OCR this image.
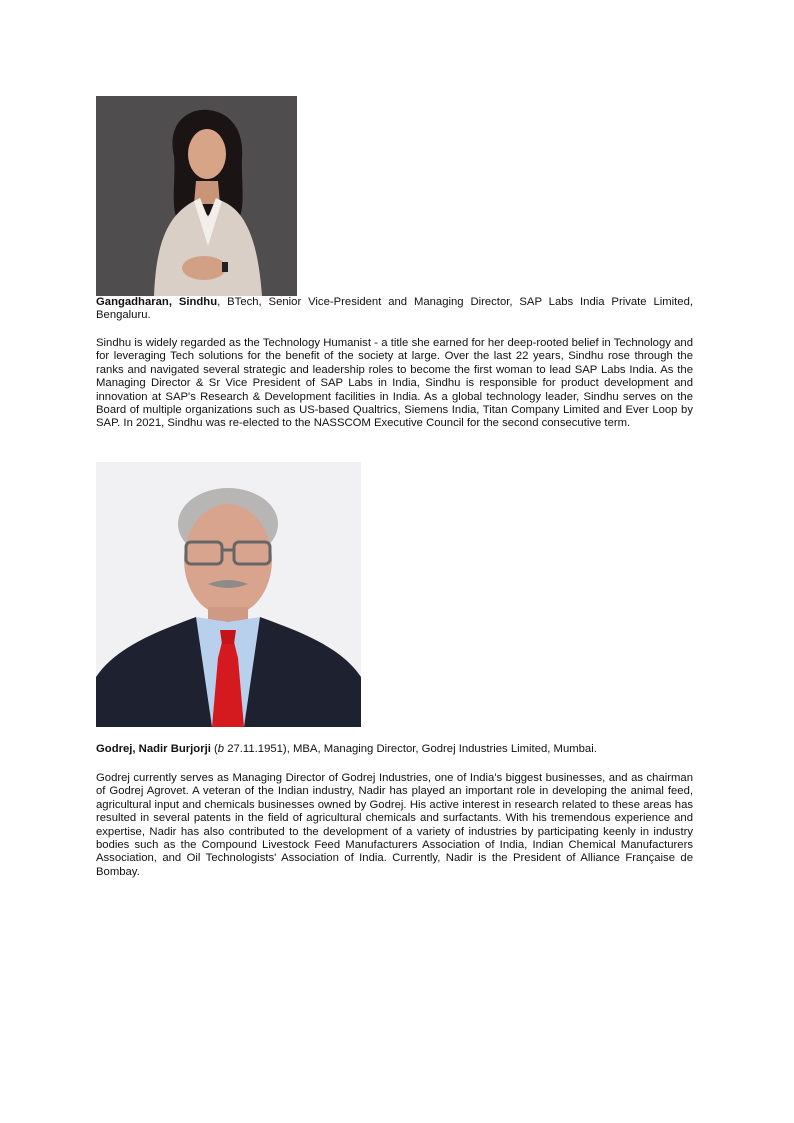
Gangadharan, Sindhu, BTech, Senior Vice-President and Managing Director, SAP Labs India Private Limited, Bengaluru.
Sindhu is widely regarded as the Technology Humanist - a title she earned for her deep-rooted belief in Technology and for leveraging Tech solutions for the benefit of the society at large. Over the last 22 years, Sindhu rose through the ranks and navigated several strategic and leadership roles to become the first woman to lead SAP Labs India. As the Managing Director & Sr Vice President of SAP Labs in India, Sindhu is responsible for product development and innovation at SAP's Research & Development facilities in India. As a global technology leader, Sindhu serves on the Board of multiple organizations such as US-based Qualtrics, Siemens India, Titan Company Limited and Ever Loop by SAP. In 2021, Sindhu was re-elected to the NASSCOM Executive Council for the second consecutive term.
Godrej, Nadir Burjorji (b 27.11.1951), MBA, Managing Director, Godrej Industries Limited, Mumbai.
Godrej currently serves as Managing Director of Godrej Industries, one of India's biggest businesses, and as chairman of Godrej Agrovet. A veteran of the Indian industry, Nadir has played an important role in developing the animal feed, agricultural input and chemicals businesses owned by Godrej. His active interest in research related to these areas has resulted in several patents in the field of agricultural chemicals and surfactants. With his tremendous experience and expertise, Nadir has also contributed to the development of a variety of industries by participating keenly in industry bodies such as the Compound Livestock Feed Manufacturers Association of India, Indian Chemical Manufacturers Association, and Oil Technologists' Association of India. Currently, Nadir is the President of Alliance Française de Bombay.
